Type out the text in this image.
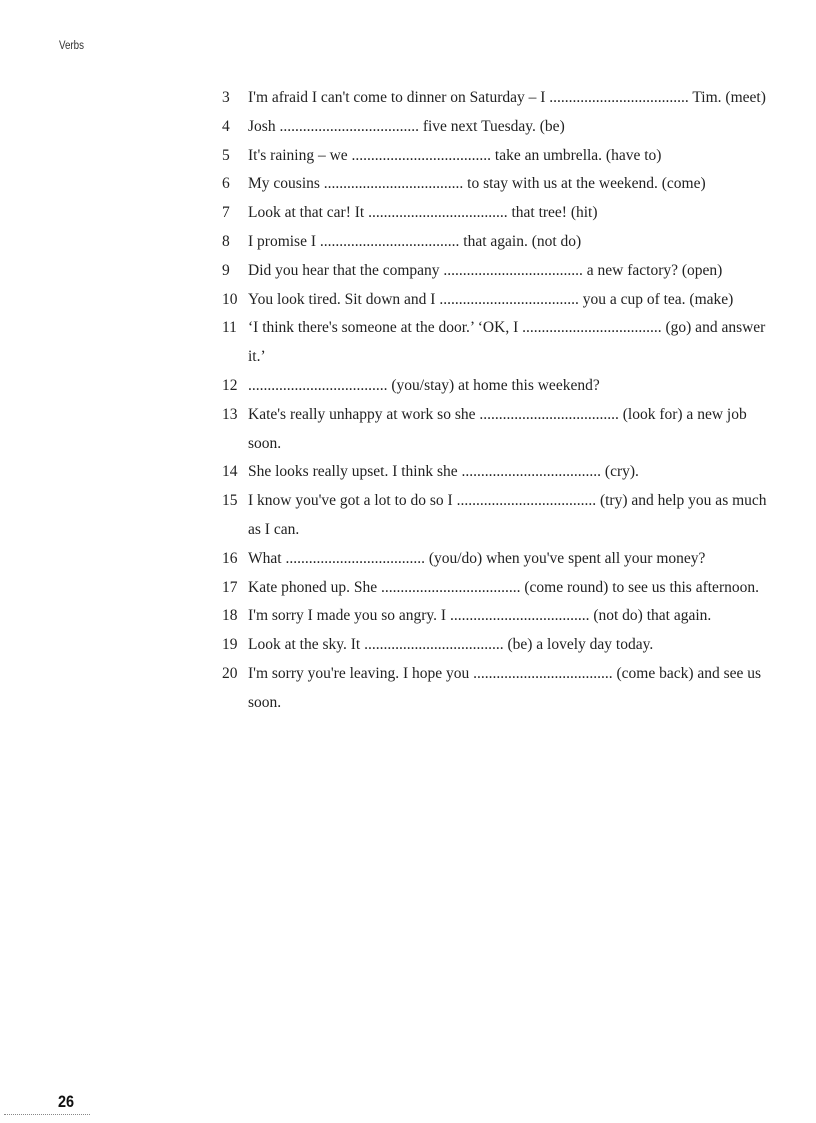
Verbs
3	I'm afraid I can't come to dinner on Saturday – I .................................... Tim. (meet)
4	Josh .................................... five next Tuesday. (be)
5	It's raining – we .................................... take an umbrella. (have to)
6	My cousins .................................... to stay with us at the weekend. (come)
7	Look at that car! It .................................... that tree! (hit)
8	I promise I .................................... that again. (not do)
9	Did you hear that the company .................................... a new factory? (open)
10 You look tired. Sit down and I .................................... you a cup of tea. (make)
11 ‘I think there's someone at the door.’ ‘OK, I .................................... (go) and answer it.’
12 .................................... (you/stay) at home this weekend?
13 Kate's really unhappy at work so she .................................... (look for) a new job soon.
14 She looks really upset. I think she .................................... (cry).
15 I know you've got a lot to do so I .................................... (try) and help you as much as I can.
16 What .................................... (you/do) when you've spent all your money?
17 Kate phoned up. She .................................... (come round) to see us this afternoon.
18 I'm sorry I made you so angry. I .................................... (not do) that again.
19 Look at the sky. It .................................... (be) a lovely day today.
20 I'm sorry you're leaving. I hope you .................................... (come back) and see us soon.
26
